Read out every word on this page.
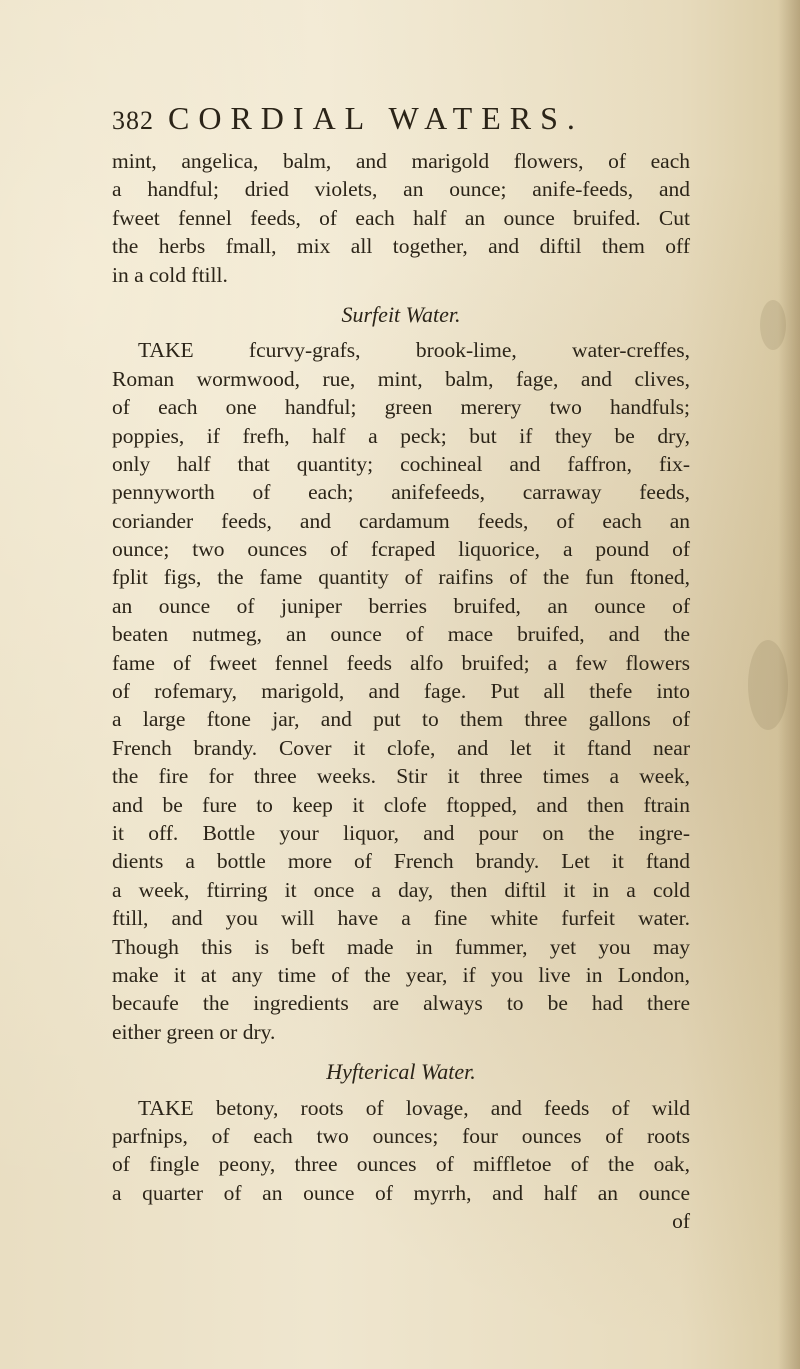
382 CORDIAL WATERS.
mint, angelica, balm, and marigold flowers, of each
a handful; dried violets, an ounce; anife-feeds, and
fweet fennel feeds, of each half an ounce bruifed. Cut
the herbs fmall, mix all together, and diftil them off
in a cold ftill.
Surfeit Water.
TAKE fcurvy-grafs, brook-lime, water-creffes,
Roman wormwood, rue, mint, balm, fage, and clives,
of each one handful; green merery two handfuls;
poppies, if frefh, half a peck; but if they be dry,
only half that quantity; cochineal and faffron, fix-
pennyworth of each; anifefeeds, carraway feeds,
coriander feeds, and cardamum feeds, of each an
ounce; two ounces of fcraped liquorice, a pound of
fplit figs, the fame quantity of raifins of the fun ftoned,
an ounce of juniper berries bruifed, an ounce of
beaten nutmeg, an ounce of mace bruifed, and the
fame of fweet fennel feeds alfo bruifed; a few flowers
of rofemary, marigold, and fage. Put all thefe into
a large ftone jar, and put to them three gallons of
French brandy. Cover it clofe, and let it ftand near
the fire for three weeks. Stir it three times a week,
and be fure to keep it clofe ftopped, and then ftrain
it off. Bottle your liquor, and pour on the ingre-
dients a bottle more of French brandy. Let it ftand
a week, ftirring it once a day, then diftil it in a cold
ftill, and you will have a fine white furfeit water.
Though this is beft made in fummer, yet you may
make it at any time of the year, if you live in London,
becaufe the ingredients are always to be had there
either green or dry.
Hyfterical Water.
TAKE betony, roots of lovage, and feeds of wild
parfnips, of each two ounces; four ounces of roots
of fingle peony, three ounces of miffletoe of the oak,
a quarter of an ounce of myrrh, and half an ounce
of
